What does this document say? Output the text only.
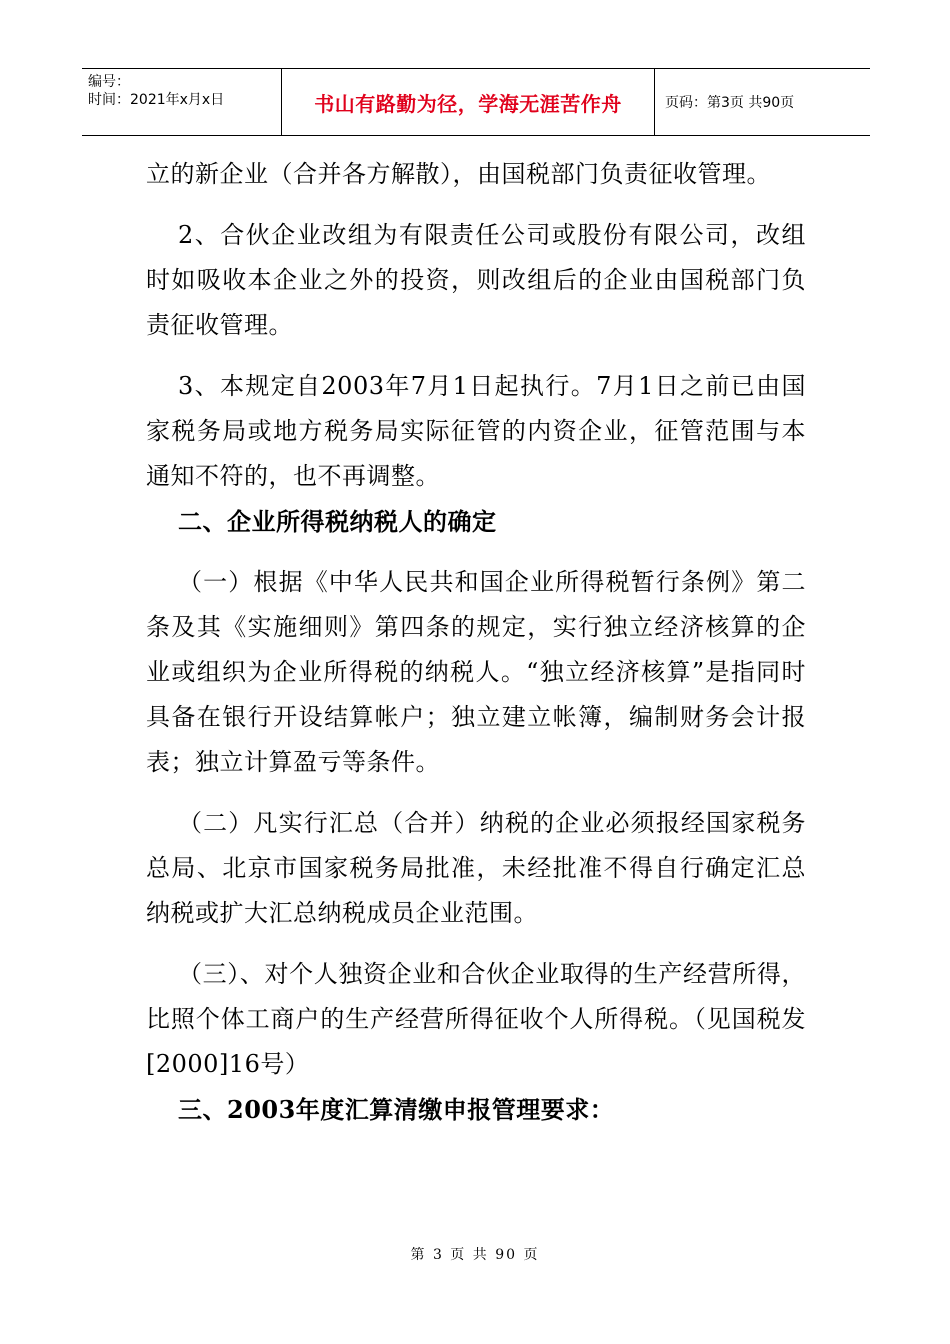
编号：
时间：2021年x月x日	书山有路勤为径，学海无涯苦作舟	页码：第3页 共90页

立的新企业（合并各方解散），由国税部门负责征收管理。

2、合伙企业改组为有限责任公司或股份有限公司，改组时如吸收本企业之外的投资，则改组后的企业由国税部门负责征收管理。

3、本规定自2003年7月1日起执行。7月1日之前已由国家税务局或地方税务局实际征管的内资企业，征管范围与本通知不符的，也不再调整。

二、企业所得税纳税人的确定

（一）根据《中华人民共和国企业所得税暂行条例》第二条及其《实施细则》第四条的规定，实行独立经济核算的企业或组织为企业所得税的纳税人。“独立经济核算”是指同时具备在银行开设结算帐户；独立建立帐簿，编制财务会计报表；独立计算盈亏等条件。

（二）凡实行汇总（合并）纳税的企业必须报经国家税务总局、北京市国家税务局批准，未经批准不得自行确定汇总纳税或扩大汇总纳税成员企业范围。

（三）、对个人独资企业和合伙企业取得的生产经营所得，比照个体工商户的生产经营所得征收个人所得税。（见国税发[2000]16号）

三、2003年度汇算清缴申报管理要求：

第 3 页 共 90 页
